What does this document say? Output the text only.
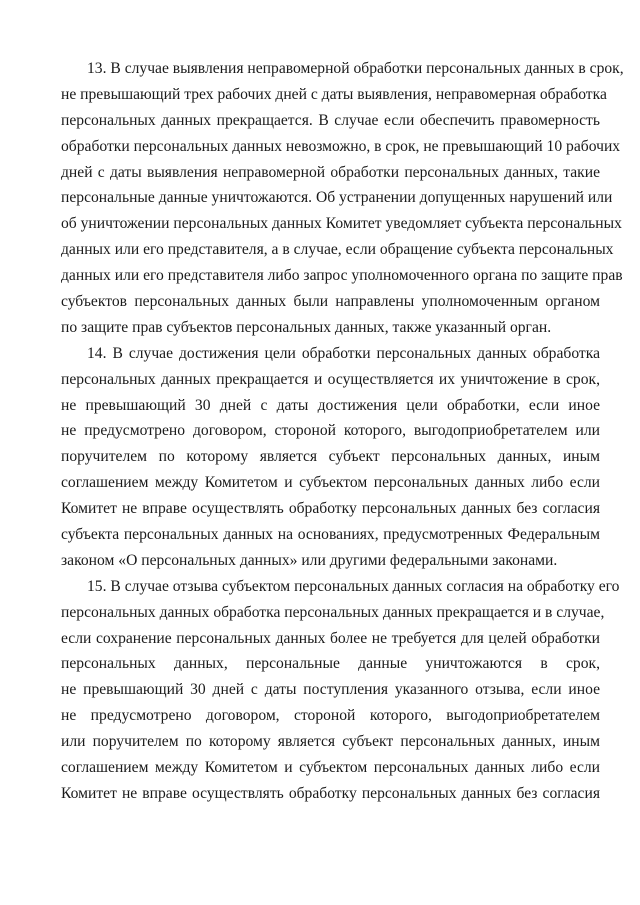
13. В случае выявления неправомерной обработки персональных данных в срок,
не превышающий трех рабочих дней с даты выявления, неправомерная обработка
персональных данных прекращается. В случае если обеспечить правомерность
обработки персональных данных невозможно, в срок, не превышающий 10 рабочих
дней с даты выявления неправомерной обработки персональных данных, такие
персональные данные уничтожаются. Об устранении допущенных нарушений или
об уничтожении персональных данных Комитет уведомляет субъекта персональных
данных или его представителя, а в случае, если обращение субъекта персональных
данных или его представителя либо запрос уполномоченного органа по защите прав
субъектов персональных данных были направлены уполномоченным органом
по защите прав субъектов персональных данных, также указанный орган.
14. В случае достижения цели обработки персональных данных обработка
персональных данных прекращается и осуществляется их уничтожение в срок,
не превышающий 30 дней с даты достижения цели обработки, если иное
не предусмотрено договором, стороной которого, выгодоприобретателем или
поручителем по которому является субъект персональных данных, иным
соглашением между Комитетом и субъектом персональных данных либо если
Комитет не вправе осуществлять обработку персональных данных без согласия
субъекта персональных данных на основаниях, предусмотренных Федеральным
законом «О персональных данных» или другими федеральными законами.
15. В случае отзыва субъектом персональных данных согласия на обработку его
персональных данных обработка персональных данных прекращается и в случае,
если сохранение персональных данных более не требуется для целей обработки
персональных данных, персональные данные уничтожаются в срок,
не превышающий 30 дней с даты поступления указанного отзыва, если иное
не предусмотрено договором, стороной которого, выгодоприобретателем
или поручителем по которому является субъект персональных данных, иным
соглашением между Комитетом и субъектом персональных данных либо если
Комитет не вправе осуществлять обработку персональных данных без согласия
